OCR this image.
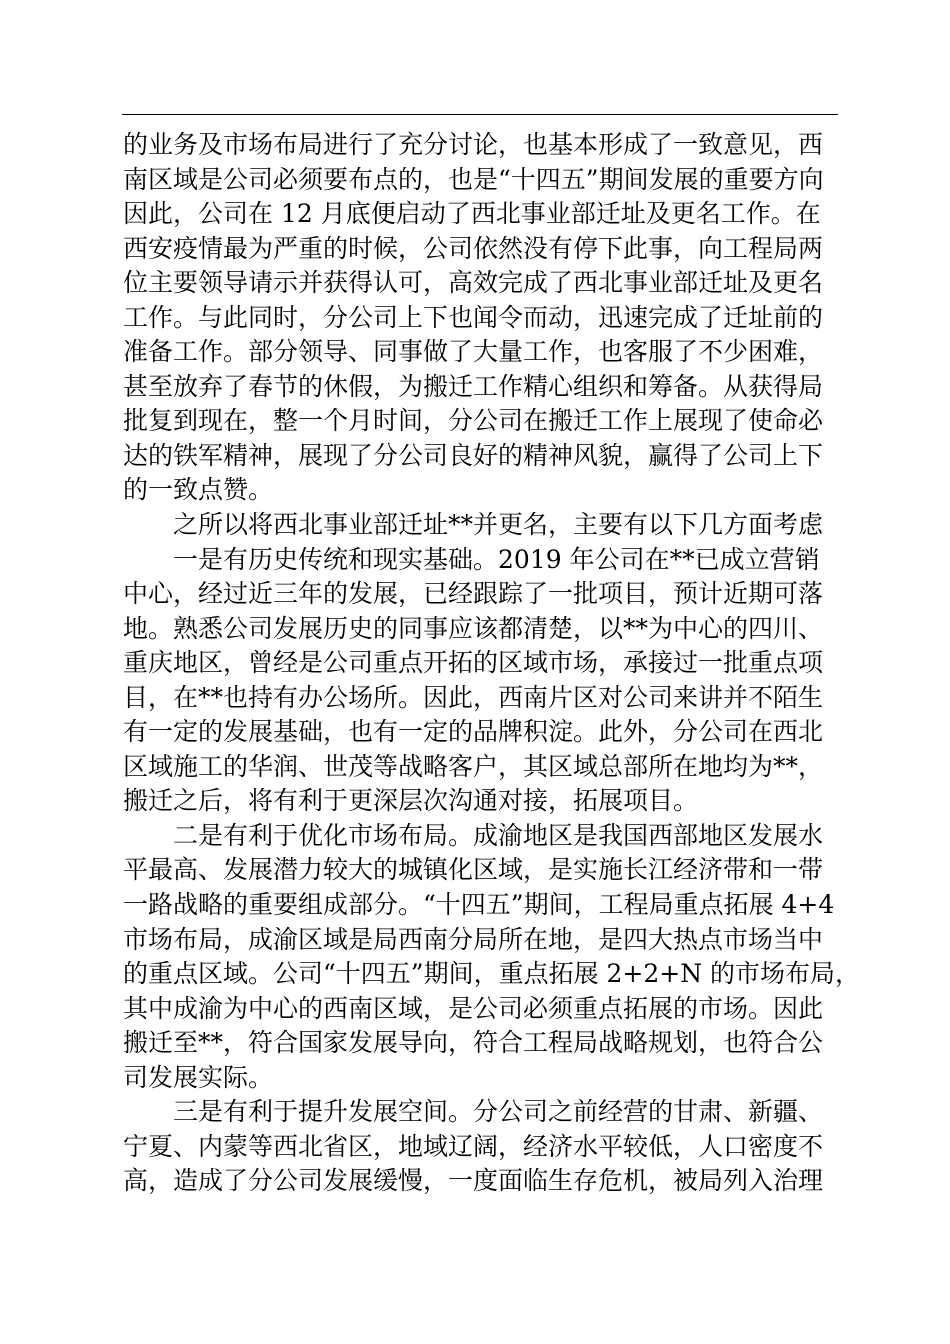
的业务及市场布局进行了充分讨论，也基本形成了一致意见，西
南区域是公司必须要布点的，也是“十四五”期间发展的重要方向
因此，公司在 12 月底便启动了西北事业部迁址及更名工作。在
西安疫情最为严重的时候，公司依然没有停下此事，向工程局两
位主要领导请示并获得认可，高效完成了西北事业部迁址及更名
工作。与此同时，分公司上下也闻令而动，迅速完成了迁址前的
准备工作。部分领导、同事做了大量工作，也客服了不少困难，
甚至放弃了春节的休假，为搬迁工作精心组织和筹备。从获得局
批复到现在，整一个月时间，分公司在搬迁工作上展现了使命必
达的铁军精神，展现了分公司良好的精神风貌，赢得了公司上下
的一致点赞。
之所以将西北事业部迁址**并更名，主要有以下几方面考虑
一是有历史传统和现实基础。2019 年公司在**已成立营销
中心，经过近三年的发展，已经跟踪了一批项目，预计近期可落
地。熟悉公司发展历史的同事应该都清楚，以**为中心的四川、
重庆地区，曾经是公司重点开拓的区域市场，承接过一批重点项
目，在**也持有办公场所。因此，西南片区对公司来讲并不陌生
有一定的发展基础，也有一定的品牌积淀。此外，分公司在西北
区域施工的华润、世茂等战略客户，其区域总部所在地均为**，
搬迁之后，将有利于更深层次沟通对接，拓展项目。
二是有利于优化市场布局。成渝地区是我国西部地区发展水
平最高、发展潜力较大的城镇化区域，是实施长江经济带和一带
一路战略的重要组成部分。“十四五”期间，工程局重点拓展 4+4
市场布局，成渝区域是局西南分局所在地，是四大热点市场当中
的重点区域。公司“十四五”期间，重点拓展 2+2+N 的市场布局，
其中成渝为中心的西南区域，是公司必须重点拓展的市场。因此
搬迁至**，符合国家发展导向，符合工程局战略规划，也符合公
司发展实际。
三是有利于提升发展空间。分公司之前经营的甘肃、新疆、
宁夏、内蒙等西北省区，地域辽阔，经济水平较低，人口密度不
高，造成了分公司发展缓慢，一度面临生存危机，被局列入治理
